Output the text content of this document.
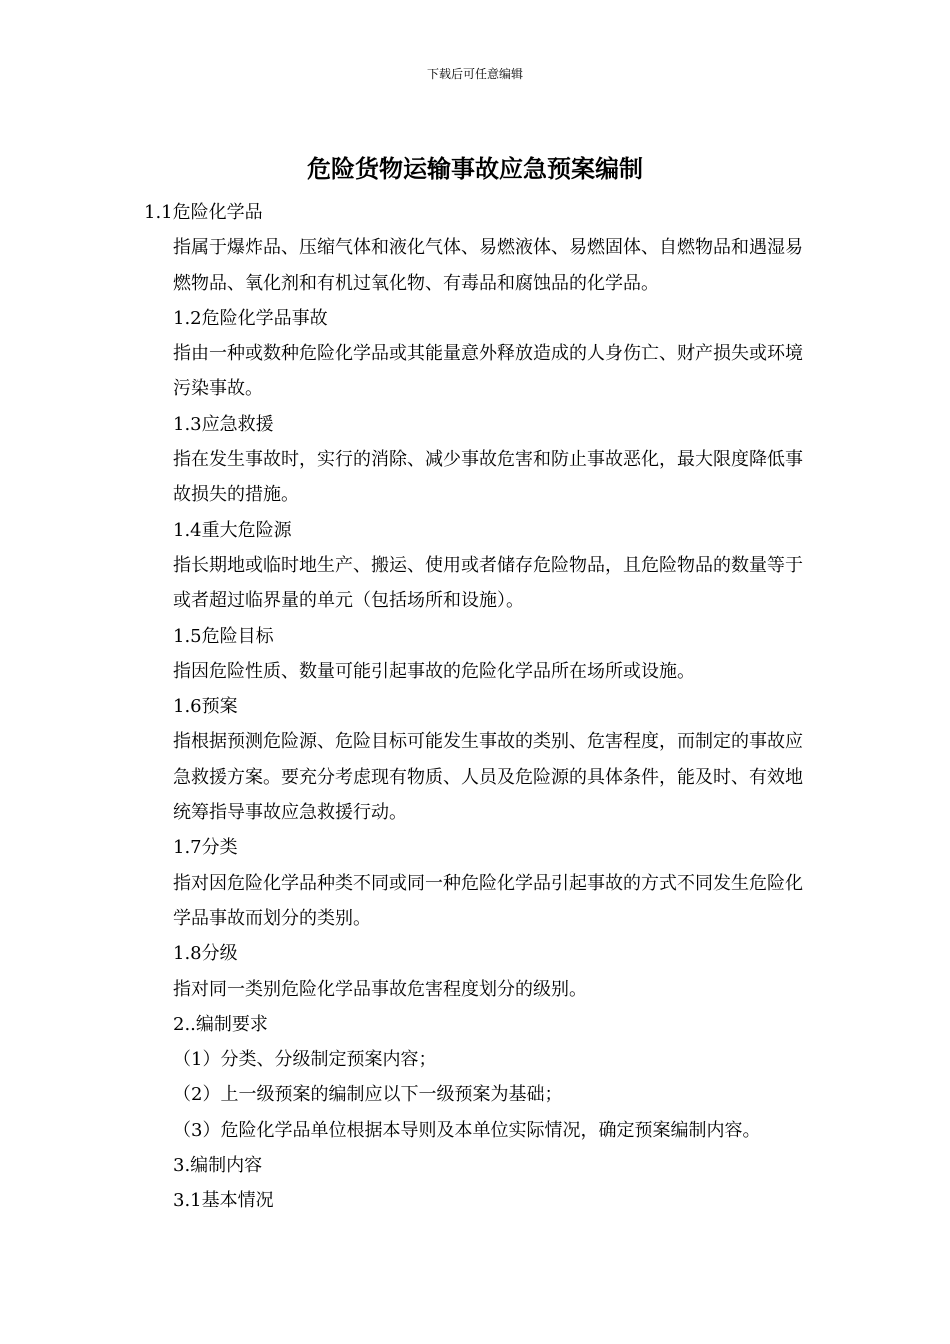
下载后可任意编辑
危险货物运输事故应急预案编制

1.1危险化学品

指属于爆炸品、压缩气体和液化气体、易燃液体、易燃固体、自燃物品和遇湿易燃物品、氧化剂和有机过氧化物、有毒品和腐蚀品的化学品。

1.2危险化学品事故

指由一种或数种危险化学品或其能量意外释放造成的人身伤亡、财产损失或环境污染事故。

1.3应急救援

指在发生事故时，实行的消除、减少事故危害和防止事故恶化，最大限度降低事故损失的措施。

1.4重大危险源

指长期地或临时地生产、搬运、使用或者储存危险物品，且危险物品的数量等于或者超过临界量的单元（包括场所和设施）。

1.5危险目标

指因危险性质、数量可能引起事故的危险化学品所在场所或设施。

1.6预案

指根据预测危险源、危险目标可能发生事故的类别、危害程度，而制定的事故应急救援方案。要充分考虑现有物质、人员及危险源的具体条件，能及时、有效地统筹指导事故应急救援行动。

1.7分类

指对因危险化学品种类不同或同一种危险化学品引起事故的方式不同发生危险化学品事故而划分的类别。

1.8分级

指对同一类别危险化学品事故危害程度划分的级别。

2..编制要求

（1）分类、分级制定预案内容；

（2）上一级预案的编制应以下一级预案为基础；

（3）危险化学品单位根据本导则及本单位实际情况，确定预案编制内容。

3.编制内容

3.1基本情况
